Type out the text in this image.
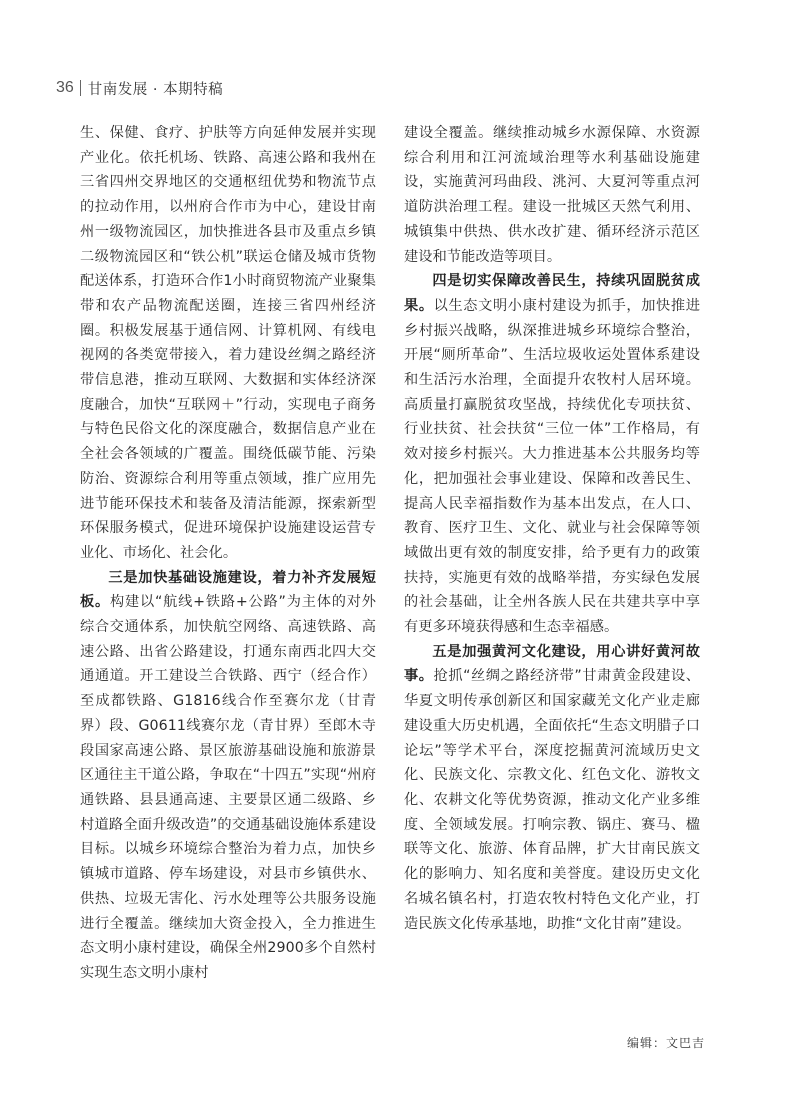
36 甘南发展 · 本期特稿

生、保健、食疗、护肤等方向延伸发展并实现产业化。依托机场、铁路、高速公路和我州在三省四州交界地区的交通枢纽优势和物流节点的拉动作用，以州府合作市为中心，建设甘南州一级物流园区，加快推进各县市及重点乡镇二级物流园区和“铁公机”联运仓储及城市货物配送体系，打造环合作1小时商贸物流产业聚集带和农产品物流配送圈，连接三省四州经济圈。积极发展基于通信网、计算机网、有线电视网的各类宽带接入，着力建设丝绸之路经济带信息港，推动互联网、大数据和实体经济深度融合，加快“互联网＋”行动，实现电子商务与特色民俗文化的深度融合，数据信息产业在全社会各领域的广覆盖。围绕低碳节能、污染防治、资源综合利用等重点领域，推广应用先进节能环保技术和装备及清洁能源，探索新型环保服务模式，促进环境保护设施建设运营专业化、市场化、社会化。

三是加快基础设施建设，着力补齐发展短板。构建以“航线+铁路+公路”为主体的对外综合交通体系，加快航空网络、高速铁路、高速公路、出省公路建设，打通东南西北四大交通通道。开工建设兰合铁路、西宁（经合作）至成都铁路、G1816线合作至赛尔龙（甘青界）段、G0611线赛尔龙（青甘界）至郎木寺段国家高速公路、景区旅游基础设施和旅游景区通往主干道公路，争取在“十四五”实现“州府通铁路、县县通高速、主要景区通二级路、乡村道路全面升级改造”的交通基础设施体系建设目标。以城乡环境综合整治为着力点，加快乡镇城市道路、停车场建设，对县市乡镇供水、供热、垃圾无害化、污水处理等公共服务设施进行全覆盖。继续加大资金投入，全力推进生态文明小康村建设，确保全州2900多个自然村实现生态文明小康村

建设全覆盖。继续推动城乡水源保障、水资源综合利用和江河流域治理等水利基础设施建设，实施黄河玛曲段、洮河、大夏河等重点河道防洪治理工程。建设一批城区天然气利用、城镇集中供热、供水改扩建、循环经济示范区建设和节能改造等项目。

四是切实保障改善民生，持续巩固脱贫成果。以生态文明小康村建设为抓手，加快推进乡村振兴战略，纵深推进城乡环境综合整治，开展“厕所革命”、生活垃圾收运处置体系建设和生活污水治理，全面提升农牧村人居环境。高质量打赢脱贫攻坚战，持续优化专项扶贫、行业扶贫、社会扶贫“三位一体”工作格局，有效对接乡村振兴。大力推进基本公共服务均等化，把加强社会事业建设、保障和改善民生、提高人民幸福指数作为基本出发点，在人口、教育、医疗卫生、文化、就业与社会保障等领域做出更有效的制度安排，给予更有力的政策扶持，实施更有效的战略举措，夯实绿色发展的社会基础，让全州各族人民在共建共享中享有更多环境获得感和生态幸福感。

五是加强黄河文化建设，用心讲好黄河故事。抢抓“丝绸之路经济带”甘肃黄金段建设、华夏文明传承创新区和国家藏羌文化产业走廊建设重大历史机遇，全面依托“生态文明腊子口论坛”等学术平台，深度挖掘黄河流域历史文化、民族文化、宗教文化、红色文化、游牧文化、农耕文化等优势资源，推动文化产业多维度、全领域发展。打响宗教、锅庄、赛马、楹联等文化、旅游、体育品牌，扩大甘南民族文化的影响力、知名度和美誉度。建设历史文化名城名镇名村，打造农牧村特色文化产业，打造民族文化传承基地，助推“文化甘南”建设。

编辑：文巴吉
